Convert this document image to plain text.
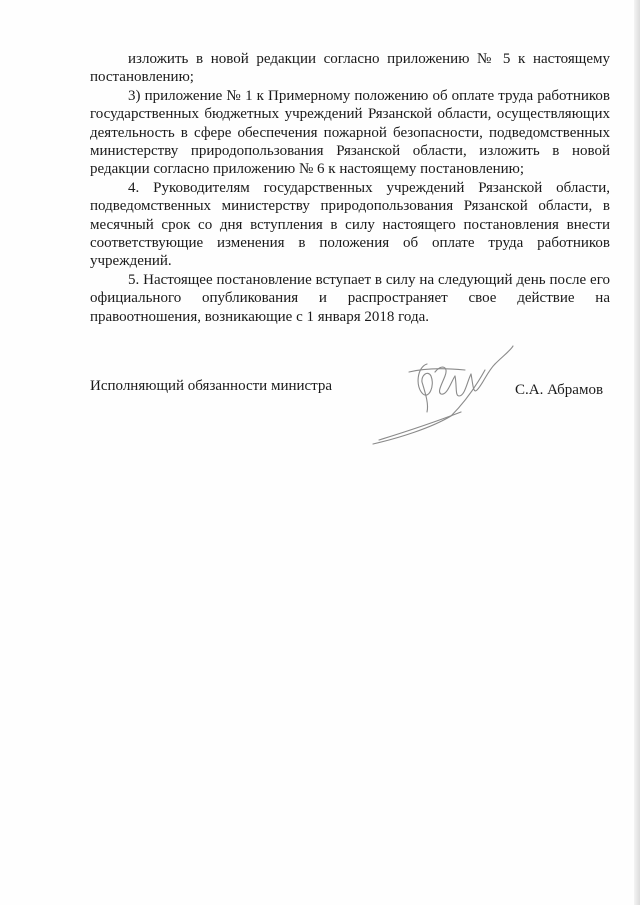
изложить в новой редакции согласно приложению № 5 к настоящему постановлению;

3) приложение № 1 к Примерному положению об оплате труда работников государственных бюджетных учреждений Рязанской области, осуществляющих деятельность в сфере обеспечения пожарной безопасности, подведомственных министерству природопользования Рязанской области, изложить в новой редакции согласно приложению № 6 к настоящему постановлению;

4. Руководителям государственных учреждений Рязанской области, подведомственных министерству природопользования Рязанской области, в месячный срок со дня вступления в силу настоящего постановления внести соответствующие изменения в положения об оплате труда работников учреждений.

5. Настоящее постановление вступает в силу на следующий день после его официального опубликования и распространяет свое действие на правоотношения, возникающие с 1 января 2018 года.

Исполняющий обязанности министра	С.А. Абрамов
